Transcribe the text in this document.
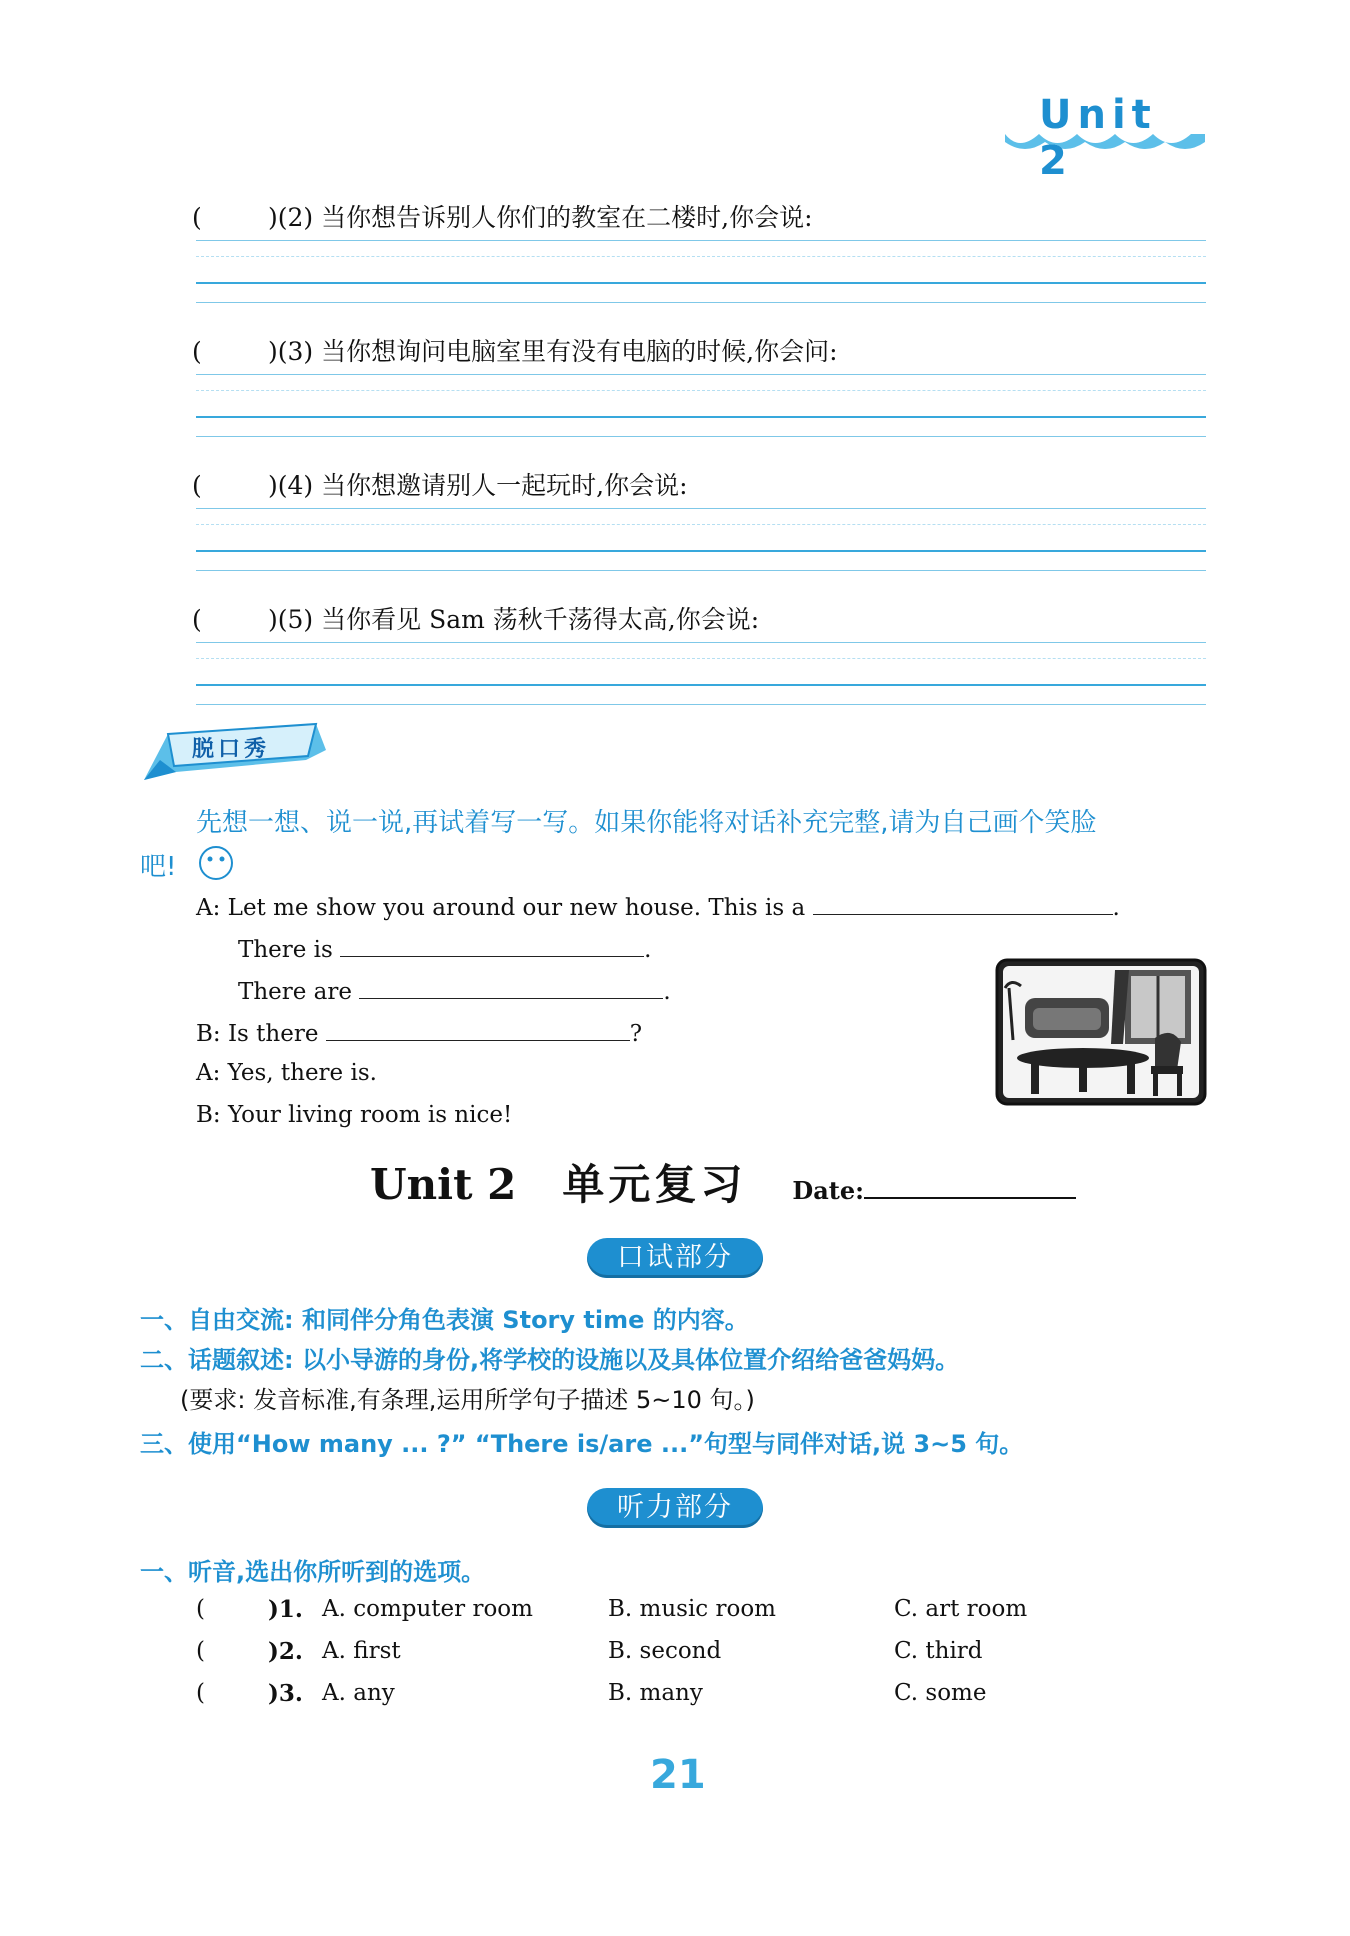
Unit 2
(	)(2) 当你想告诉别人你们的教室在二楼时,你会说:
(	)(3) 当你想询问电脑室里有没有电脑的时候,你会问:
(	)(4) 当你想邀请别人一起玩时,你会说:
(	)(5) 当你看见 Sam 荡秋千荡得太高,你会说:
脱口秀
先想一想、说一说,再试着写一写。如果你能将对话补充完整,请为自己画个笑脸
吧!
A: Let me show you around our new house. This is a	.
There is	.
There are	.
B: Is there	?
A: Yes, there is.
B: Your living room is nice!
Unit 2 单元复习 Date:
口试部分
一、自由交流: 和同伴分角色表演 Story time 的内容。
二、话题叙述: 以小导游的身份,将学校的设施以及具体位置介绍给爸爸妈妈。
(要求: 发音标准,有条理,运用所学句子描述 5~10 句。)
三、使用“How many ... ?” “There is/are ...”句型与同伴对话,说 3~5 句。
听力部分
一、听音,选出你所听到的选项。
(	)1. A. computer room	B. music room	C. art room
(	)2. A. first	B. second	C. third
(	)3. A. any	B. many	C. some
21
